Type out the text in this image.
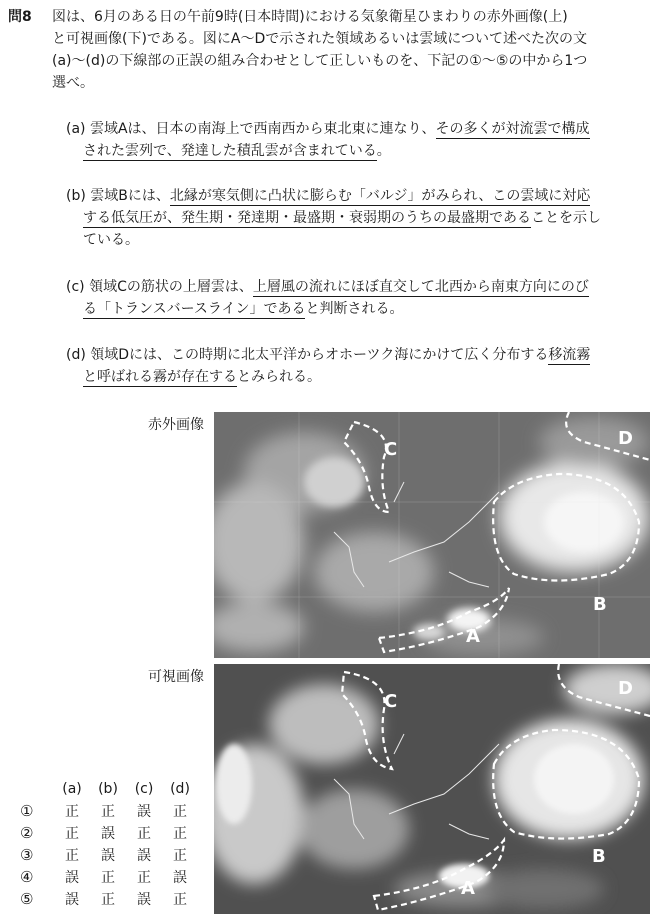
問8	図は、6月のある日の午前9時(日本時間)における気象衛星ひまわりの赤外画像(上)
と可視画像(下)である。図にA〜Dで示された領域あるいは雲域について述べた次の文
(a)〜(d)の下線部の正誤の組み合わせとして正しいものを、下記の①〜⑤の中から1つ
選べ。
(a) 雲域Aは、日本の南海上で西南西から東北東に連なり、その多くが対流雲で構成
された雲列で、発達した積乱雲が含まれている。
(b) 雲域Bには、北縁が寒気側に凸状に膨らむ「バルジ」がみられ、この雲域に対応
する低気圧が、発生期・発達期・最盛期・衰弱期のうちの最盛期であることを示し
ている。
(c) 領域Cの筋状の上層雲は、上層風の流れにほぼ直交して北西から南東方向にのび
る「トランスバースライン」であると判断される。
(d) 領域Dには、この時期に北太平洋からオホーツク海にかけて広く分布する移流霧
と呼ばれる霧が存在するとみられる。
赤外画像
C
D
B
A
可視画像
C
D
B
A
	(a)	(b)	(c)	(d)
①	正	正	誤	正
②	正	誤	正	正
③	正	誤	誤	正
④	誤	正	正	誤
⑤	誤	正	誤	正
